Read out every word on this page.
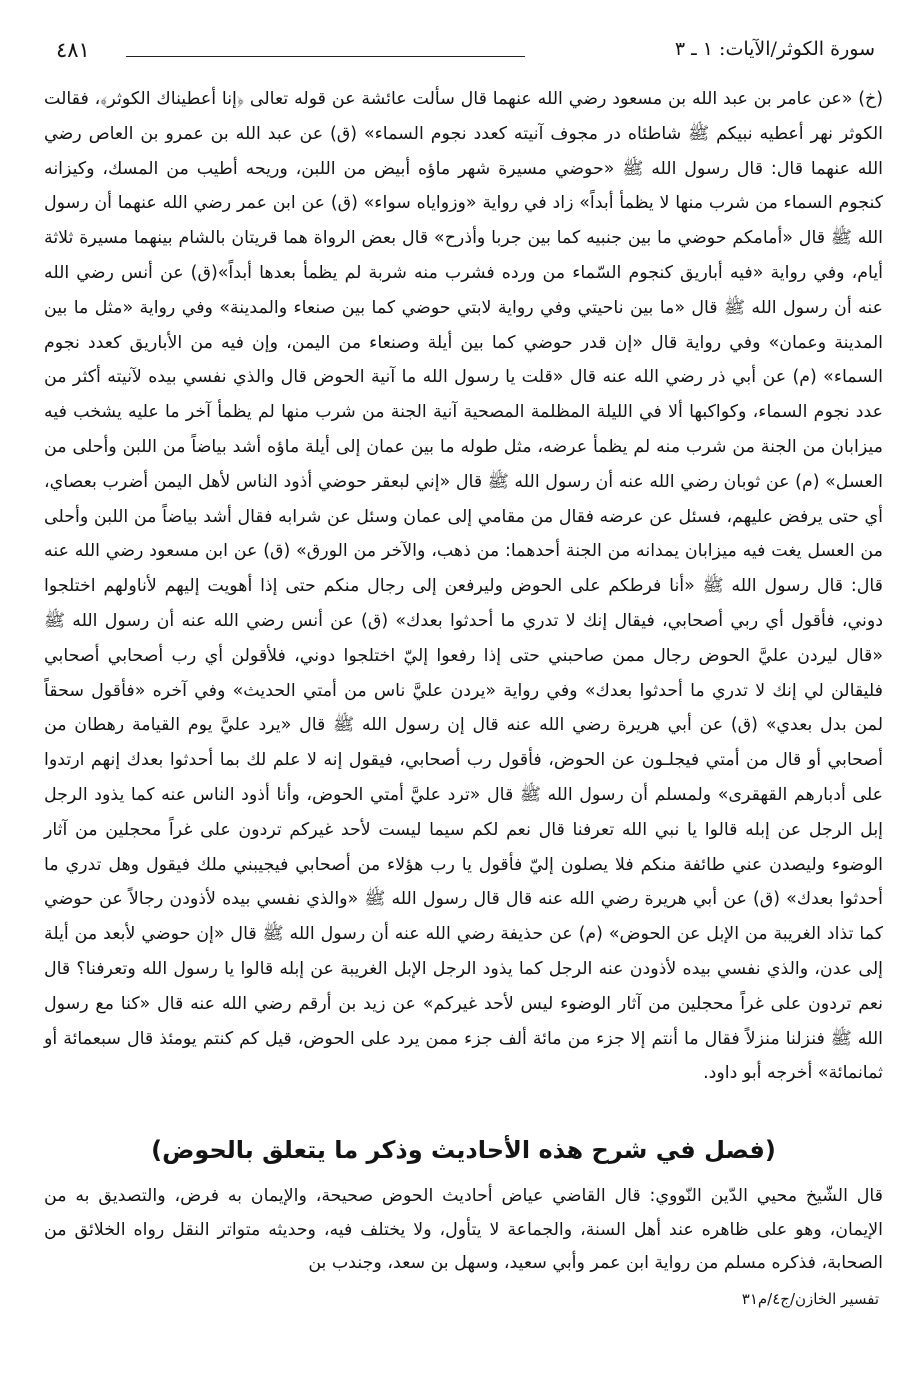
٤٨١	سورة الكوثر/الآيات: ١ ـ ٣

(خ) «عن عامر بن عبد الله بن مسعود رضي الله عنهما قال سألت عائشة عن قوله تعالى ﴿إنا أعطيناك الكوثر﴾، فقالت الكوثر نهر أعطيه نبيكم ﷺ شاطئاه در مجوف آنيته كعدد نجوم السماء» (ق) عن عبد الله بن عمرو بن العاص رضي الله عنهما قال: قال رسول الله ﷺ «حوضي مسيرة شهر ماؤه أبيض من اللبن، وريحه أطيب من المسك، وكيزانه كنجوم السماء من شرب منها لا يظمأ أبداً» زاد في رواية «وزواياه سواء» (ق) عن ابن عمر رضي الله عنهما أن رسول الله ﷺ قال «أمامكم حوضي ما بين جنبيه كما بين جربا وأذرح» قال بعض الرواة هما قريتان بالشام بينهما مسيرة ثلاثة أيام، وفي رواية «فيه أباريق كنجوم السّماء من ورده فشرب منه شربة لم يظمأ بعدها أبداً»(ق) عن أنس رضي الله عنه أن رسول الله ﷺ قال «ما بين ناحيتي وفي رواية لابتي حوضي كما بين صنعاء والمدينة» وفي رواية «مثل ما بين المدينة وعمان» وفي رواية قال «إن قدر حوضي كما بين أيلة وصنعاء من اليمن، وإن فيه من الأباريق كعدد نجوم السماء» (م) عن أبي ذر رضي الله عنه قال «قلت يا رسول الله ما آنية الحوض قال والذي نفسي بيده لآنيته أكثر من عدد نجوم السماء، وكواكبها ألا في الليلة المظلمة المصحية آنية الجنة من شرب منها لم يظمأ آخر ما عليه يشخب فيه ميزابان من الجنة من شرب منه لم يظمأ عرضه، مثل طوله ما بين عمان إلى أيلة ماؤه أشد بياضاً من اللبن وأحلى من العسل» (م) عن ثوبان رضي الله عنه أن رسول الله ﷺ قال «إني لبعقر حوضي أذود الناس لأهل اليمن أضرب بعصاي، أي حتى يرفض عليهم، فسئل عن عرضه فقال من مقامي إلى عمان وسئل عن شرابه فقال أشد بياضاً من اللبن وأحلى من العسل يغت فيه ميزابان يمدانه من الجنة أحدهما: من ذهب، والآخر من الورق» (ق) عن ابن مسعود رضي الله عنه قال: قال رسول الله ﷺ «أنا فرطكم على الحوض وليرفعن إلى رجال منكم حتى إذا أهويت إليهم لأناولهم اختلجوا دوني، فأقول أي ربي أصحابي، فيقال إنك لا تدري ما أحدثوا بعدك» (ق) عن أنس رضي الله عنه أن رسول الله ﷺ «قال ليردن عليَّ الحوض رجال ممن صاحبني حتى إذا رفعوا إليّ اختلجوا دوني، فلأقولن أي رب أصحابي أصحابي فليقالن لي إنك لا تدري ما أحدثوا بعدك» وفي رواية «يردن عليَّ ناس من أمتي الحديث» وفي آخره «فأقول سحقاً لمن بدل بعدي» (ق) عن أبي هريرة رضي الله عنه قال إن رسول الله ﷺ قال «يرد عليَّ يوم القيامة رهطان من أصحابي أو قال من أمتي فيجلـون عن الحوض، فأقول رب أصحابي، فيقول إنه لا علم لك بما أحدثوا بعدك إنهم ارتدوا على أدبارهم القهقرى» ولمسلم أن رسول الله ﷺ قال «ترد عليَّ أمتي الحوض، وأنا أذود الناس عنه كما يذود الرجل إبل الرجل عن إبله قالوا يا نبي الله تعرفنا قال نعم لكم سيما ليست لأحد غيركم تردون على غراً محجلين من آثار الوضوء وليصدن عني طائفة منكم فلا يصلون إليّ فأقول يا رب هؤلاء من أصحابي فيجيبني ملك فيقول وهل تدري ما أحدثوا بعدك» (ق) عن أبي هريرة رضي الله عنه قال قال رسول الله ﷺ «والذي نفسي بيده لأذودن رجالاً عن حوضي كما تذاد الغريبة من الإبل عن الحوض» (م) عن حذيفة رضي الله عنه أن رسول الله ﷺ قال «إن حوضي لأبعد من أيلة إلى عدن، والذي نفسي بيده لأذودن عنه الرجل كما يذود الرجل الإبل الغريبة عن إبله قالوا يا رسول الله وتعرفنا؟ قال نعم تردون على غراً محجلين من آثار الوضوء ليس لأحد غيركم» عن زيد بن أرقم رضي الله عنه قال «كنا مع رسول الله ﷺ فنزلنا منزلاً فقال ما أنتم إلا جزء من مائة ألف جزء ممن يرد على الحوض، قيل كم كنتم يومئذ قال سبعمائة أو ثمانمائة» أخرجه أبو داود.

(فصل في شرح هذه الأحاديث وذكر ما يتعلق بالحوض)

قال الشّيخ محيي الدّين النّووي: قال القاضي عياض أحاديث الحوض صحيحة، والإيمان به فرض، والتصديق به من الإيمان، وهو على ظاهره عند أهل السنة، والجماعة لا يتأول، ولا يختلف فيه، وحديثه متواتر النقل رواه الخلائق من الصحابة، فذكره مسلم من رواية ابن عمر وأبي سعيد، وسهل بن سعد، وجندب بن

تفسير الخازن/ج٤/م٣١
